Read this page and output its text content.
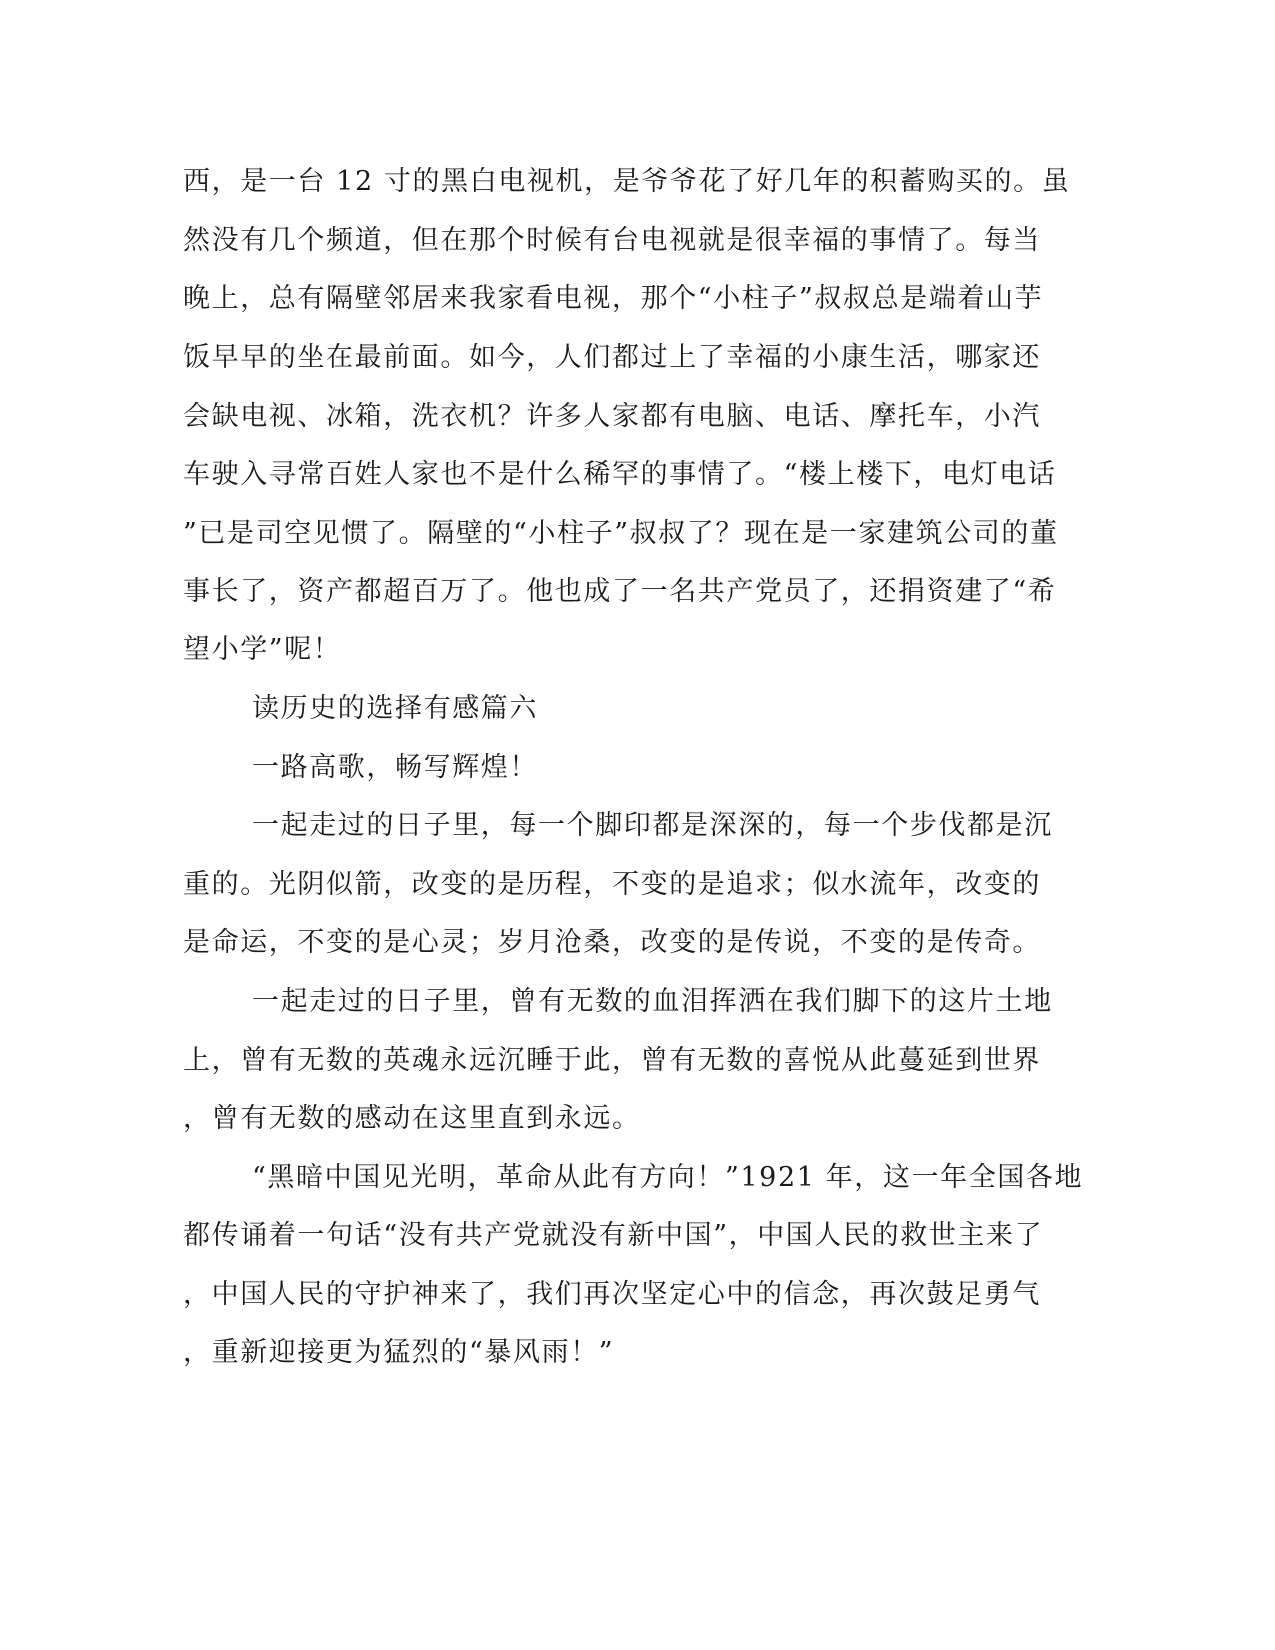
西，是一台 12 寸的黑白电视机，是爷爷花了好几年的积蓄购买的。虽
然没有几个频道，但在那个时候有台电视就是很幸福的事情了。每当
晚上，总有隔壁邻居来我家看电视，那个“小柱子”叔叔总是端着山芋
饭早早的坐在最前面。如今，人们都过上了幸福的小康生活，哪家还
会缺电视、冰箱，洗衣机？许多人家都有电脑、电话、摩托车，小汽
车驶入寻常百姓人家也不是什么稀罕的事情了。“楼上楼下，电灯电话
”已是司空见惯了。隔壁的“小柱子”叔叔了？现在是一家建筑公司的董
事长了，资产都超百万了。他也成了一名共产党员了，还捐资建了“希
望小学”呢！
读历史的选择有感篇六
一路高歌，畅写辉煌！
一起走过的日子里，每一个脚印都是深深的，每一个步伐都是沉
重的。光阴似箭，改变的是历程，不变的是追求；似水流年，改变的
是命运，不变的是心灵；岁月沧桑，改变的是传说，不变的是传奇。
一起走过的日子里，曾有无数的血泪挥洒在我们脚下的这片土地
上，曾有无数的英魂永远沉睡于此，曾有无数的喜悦从此蔓延到世界
，曾有无数的感动在这里直到永远。
“黑暗中国见光明，革命从此有方向！”1921 年，这一年全国各地
都传诵着一句话“没有共产党就没有新中国”，中国人民的救世主来了
，中国人民的守护神来了，我们再次坚定心中的信念，再次鼓足勇气
，重新迎接更为猛烈的“暴风雨！”
